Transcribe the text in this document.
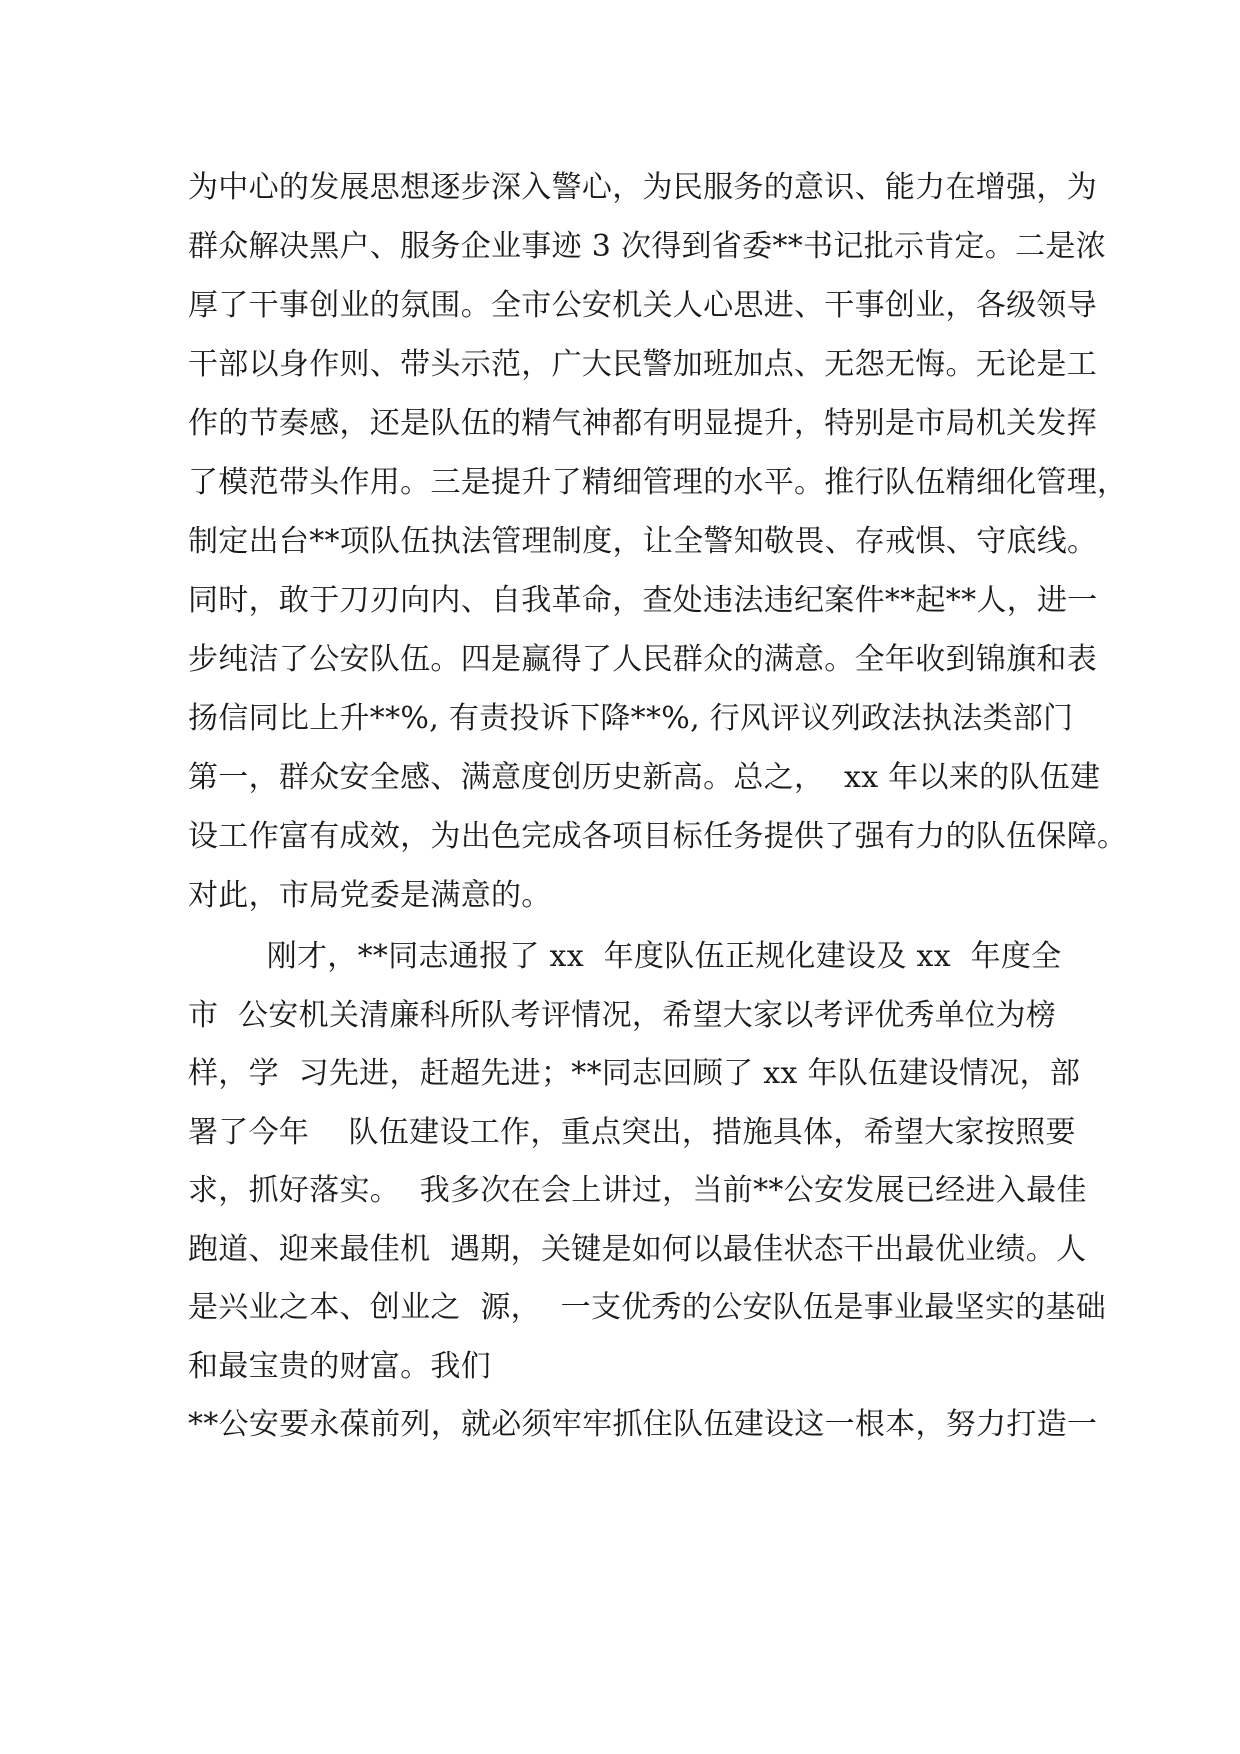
为中心的发展思想逐步深入警心，为民服务的意识、能力在增强，为
群众解决黑户、服务企业事迹 3 次得到省委**书记批示肯定。二是浓
厚了干事创业的氛围。全市公安机关人心思进、干事创业，各级领导
干部以身作则、带头示范，广大民警加班加点、无怨无悔。无论是工
作的节奏感，还是队伍的精气神都有明显提升，特别是市局机关发挥
了模范带头作用。三是提升了精细管理的水平。推行队伍精细化管理，
制定出台**项队伍执法管理制度，让全警知敬畏、存戒惧、守底线。
同时，敢于刀刃向内、自我革命，查处违法违纪案件**起**人，进一
步纯洁了公安队伍。四是赢得了人民群众的满意。全年收到锦旗和表
扬信同比上升**%, 有责投诉下降**%, 行风评议列政法执法类部门
第一，群众安全感、满意度创历史新高。总之，  xx 年以来的队伍建
设工作富有成效，为出色完成各项目标任务提供了强有力的队伍保障。
对此，市局党委是满意的。
刚才，**同志通报了 xx  年度队伍正规化建设及 xx  年度全
市  公安机关清廉科所队考评情况，希望大家以考评优秀单位为榜
样，学  习先进，赶超先进；**同志回顾了 xx 年队伍建设情况，部
署了今年    队伍建设工作，重点突出，措施具体，希望大家按照要
求，抓好落实。  我多次在会上讲过，当前**公安发展已经进入最佳
跑道、迎来最佳机  遇期，关键是如何以最佳状态干出最优业绩。人
是兴业之本、创业之  源，  一支优秀的公安队伍是事业最坚实的基础
和最宝贵的财富。我们
**公安要永葆前列，就必须牢牢抓住队伍建设这一根本，努力打造一
